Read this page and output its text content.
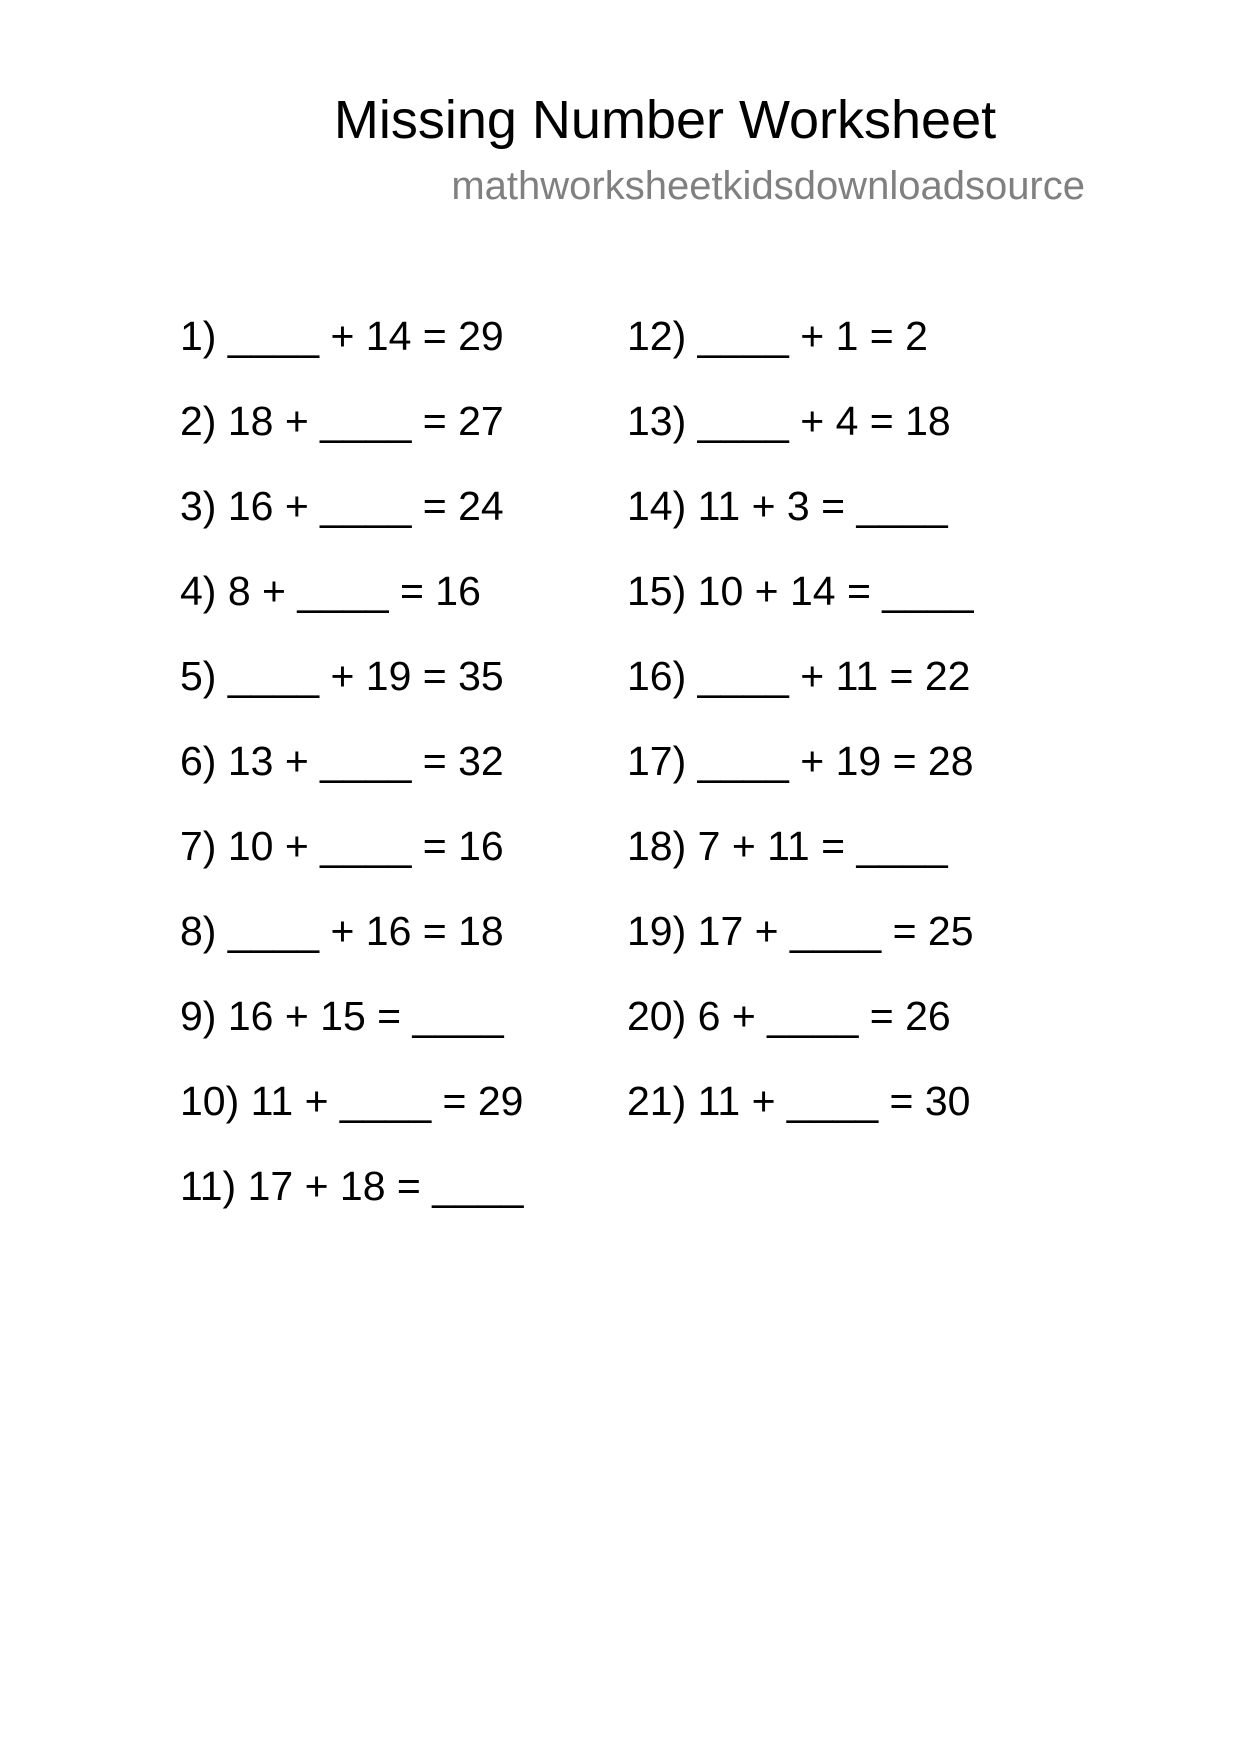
Missing Number Worksheet
mathworksheetkidsdownloadsource
1) ____ + 14 = 29
2) 18 + ____ = 27
3) 16 + ____ = 24
4) 8 + ____ = 16
5) ____ + 19 = 35
6) 13 + ____ = 32
7) 10 + ____ = 16
8) ____ + 16 = 18
9) 16 + 15 = ____
10) 11 + ____ = 29
11) 17 + 18 = ____
12) ____ + 1 = 2
13) ____ + 4 = 18
14) 11 + 3 = ____
15) 10 + 14 = ____
16) ____ + 11 = 22
17) ____ + 19 = 28
18) 7 + 11 = ____
19) 17 + ____ = 25
20) 6 + ____ = 26
21) 11 + ____ = 30
